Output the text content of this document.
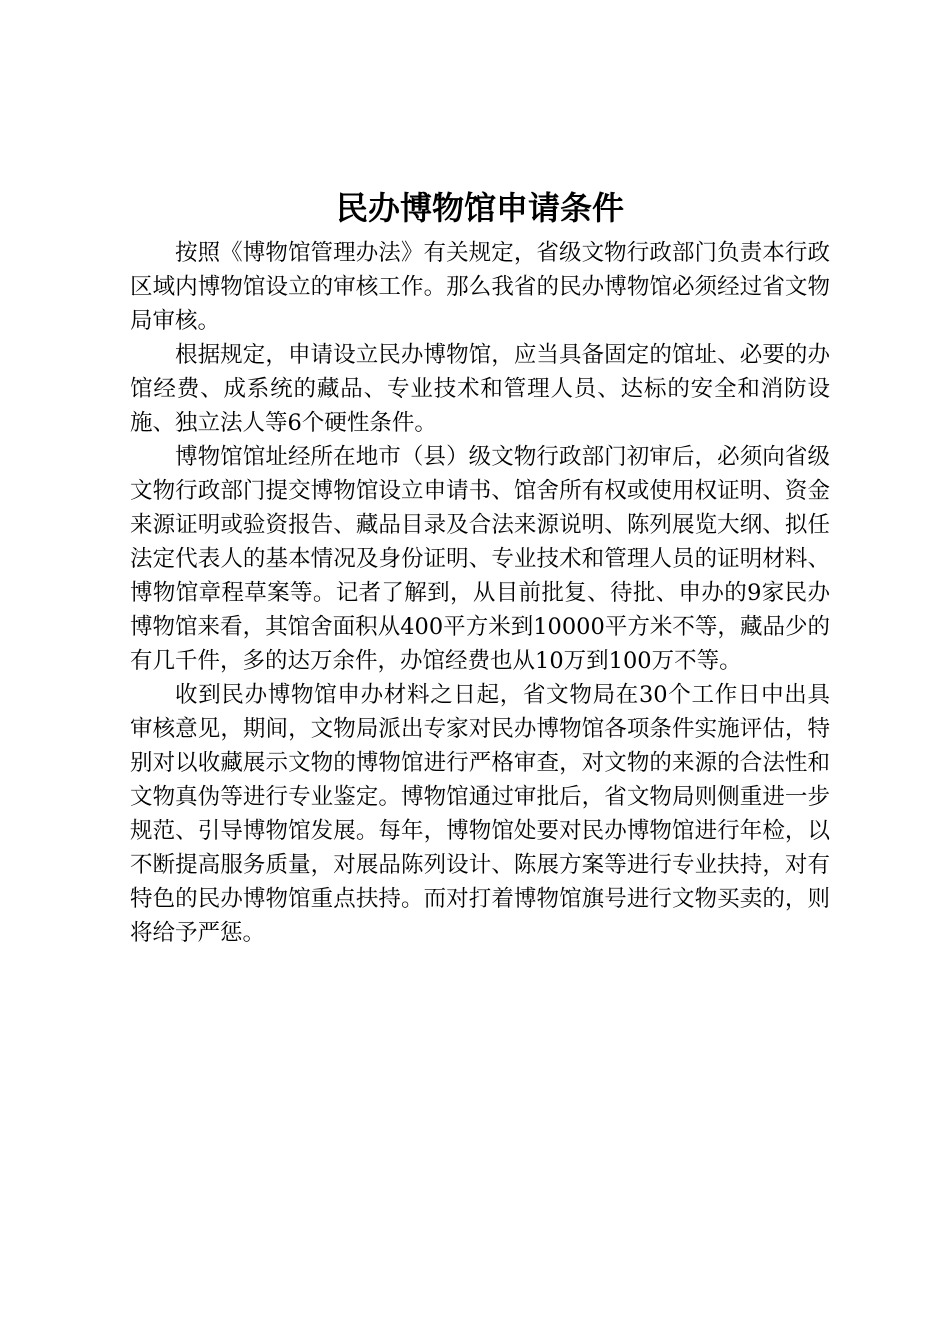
民办博物馆申请条件

按照《博物馆管理办法》有关规定，省级文物行政部门负责本行政区域内博物馆设立的审核工作。那么我省的民办博物馆必须经过省文物局审核。

根据规定，申请设立民办博物馆，应当具备固定的馆址、必要的办馆经费、成系统的藏品、专业技术和管理人员、达标的安全和消防设施、独立法人等6个硬性条件。

博物馆馆址经所在地市（县）级文物行政部门初审后，必须向省级文物行政部门提交博物馆设立申请书、馆舍所有权或使用权证明、资金来源证明或验资报告、藏品目录及合法来源说明、陈列展览大纲、拟任法定代表人的基本情况及身份证明、专业技术和管理人员的证明材料、博物馆章程草案等。记者了解到，从目前批复、待批、申办的9家民办博物馆来看，其馆舍面积从400平方米到10000平方米不等，藏品少的有几千件，多的达万余件，办馆经费也从10万到100万不等。

收到民办博物馆申办材料之日起，省文物局在30个工作日中出具审核意见，期间，文物局派出专家对民办博物馆各项条件实施评估，特别对以收藏展示文物的博物馆进行严格审查，对文物的来源的合法性和文物真伪等进行专业鉴定。博物馆通过审批后，省文物局则侧重进一步规范、引导博物馆发展。每年，博物馆处要对民办博物馆进行年检，以不断提高服务质量，对展品陈列设计、陈展方案等进行专业扶持，对有特色的民办博物馆重点扶持。而对打着博物馆旗号进行文物买卖的，则将给予严惩。
